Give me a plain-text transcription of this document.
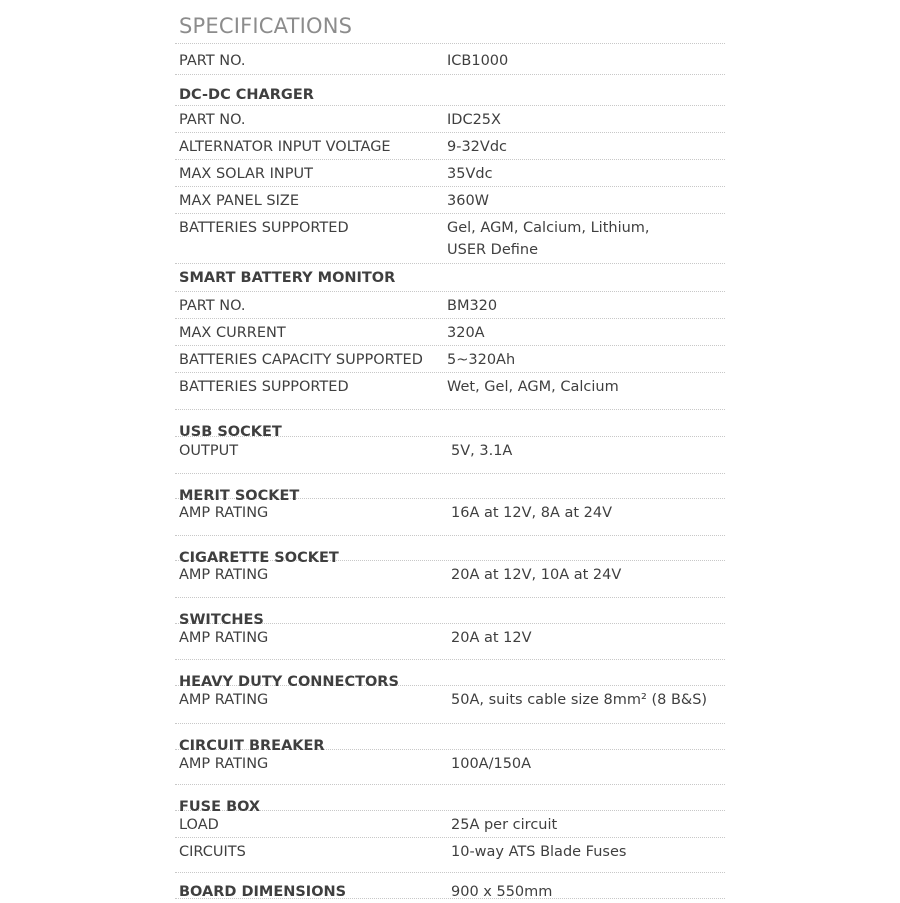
SPECIFICATIONS
PART NO.	ICB1000
DC-DC CHARGER
PART NO.	IDC25X
ALTERNATOR INPUT VOLTAGE	9-32Vdc
MAX SOLAR INPUT	35Vdc
MAX PANEL SIZE	360W
BATTERIES SUPPORTED	Gel, AGM, Calcium, Lithium,
USER Define
SMART BATTERY MONITOR
PART NO.	BM320
MAX CURRENT	320A
BATTERIES CAPACITY SUPPORTED 5~320Ah
BATTERIES SUPPORTED	Wet, Gel, AGM, Calcium
USB SOCKET
OUTPUT	5V, 3.1A
MERIT SOCKET
AMP RATING	16A at 12V, 8A at 24V
CIGARETTE SOCKET
AMP RATING	20A at 12V, 10A at 24V
SWITCHES
AMP RATING	20A at 12V
HEAVY DUTY CONNECTORS
AMP RATING	50A, suits cable size 8mm² (8 B&S)
CIRCUIT BREAKER
AMP RATING	100A/150A
FUSE BOX
LOAD	25A per circuit
CIRCUITS	10-way ATS Blade Fuses
BOARD DIMENSIONS	900 x 550mm
